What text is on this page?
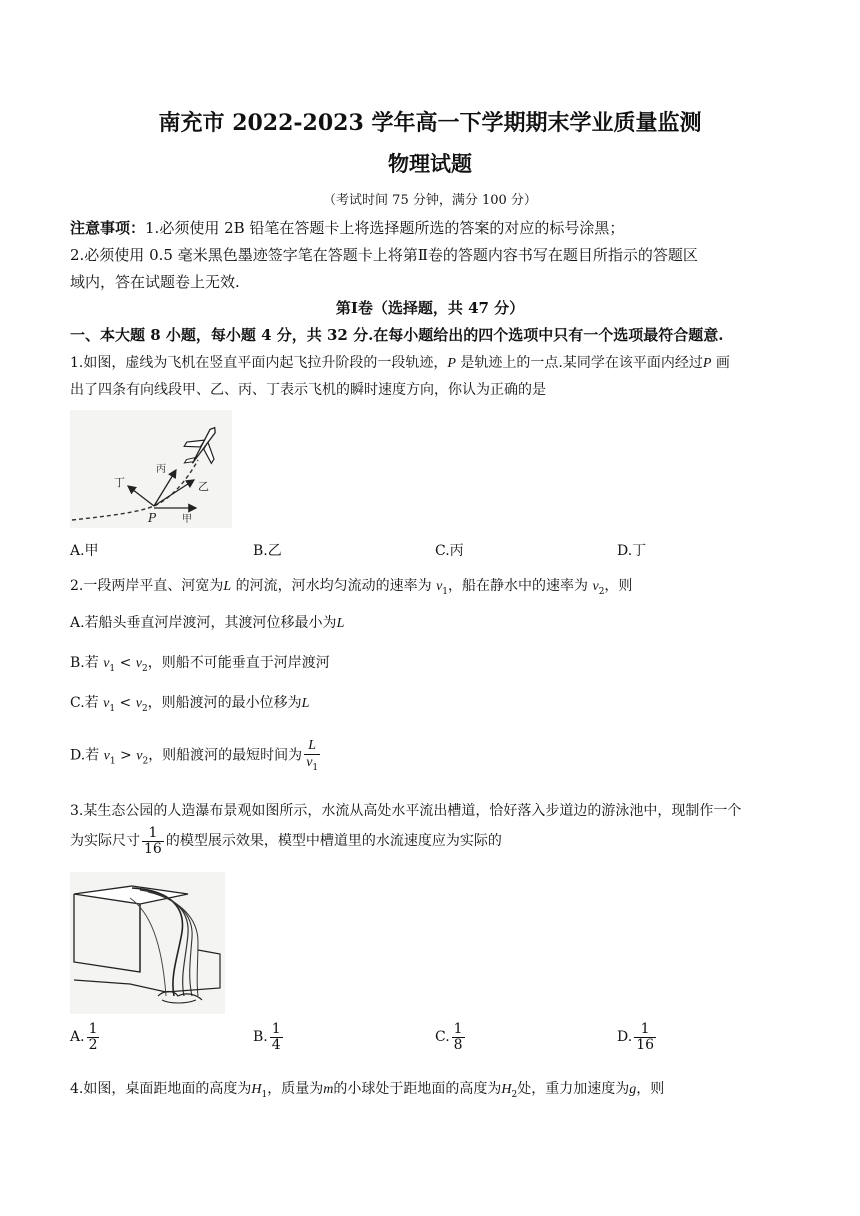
南充市 2022-2023 学年高一下学期期末学业质量监测
物理试题
（考试时间 75 分钟，满分 100 分）
注意事项：1.必须使用 2B 铅笔在答题卡上将选择题所选的答案的对应的标号涂黑；
2.必须使用 0.5 毫米黑色墨迹签字笔在答题卡上将第Ⅱ卷的答题内容书写在题目所指示的答题区
域内，答在试题卷上无效.
第Ⅰ卷（选择题，共 47 分）
一、本大题 8 小题，每小题 4 分，共 32 分.在每小题给出的四个选项中只有一个选项最符合题意.
1.如图，虚线为飞机在竖直平面内起飞拉升阶段的一段轨迹，P 是轨迹上的一点.某同学在该平面内经过P 画
出了四条有向线段甲、乙、丙、丁表示飞机的瞬时速度方向，你认为正确的是
丁
丙
乙
甲
P
A.甲	B.乙	C.丙	D.丁
2.一段两岸平直、河宽为L 的河流，河水均匀流动的速率为 $v_1$，船在静水中的速率为 $v_2$，则
A.若船头垂直河岸渡河，其渡河位移最小为L
B.若 $v_1 < v_2$，则船不可能垂直于河岸渡河
C.若 $v_1 < v_2$，则船渡河的最小位移为L
D.若 $v_1 > v_2$，则船渡河的最短时间为 $\frac{L}{v_1}$
3.某生态公园的人造瀑布景观如图所示，水流从高处水平流出槽道，恰好落入步道边的游泳池中，现制作一个
为实际尺寸 $\frac{1}{16}$ 的模型展示效果，模型中槽道里的水流速度应为实际的
A. $\frac{1}{2}$	B. $\frac{1}{4}$	C. $\frac{1}{8}$	D. $\frac{1}{16}$
4.如图，桌面距地面的高度为$H_1$，质量为m的小球处于距地面的高度为$H_2$处，重力加速度为g，则
